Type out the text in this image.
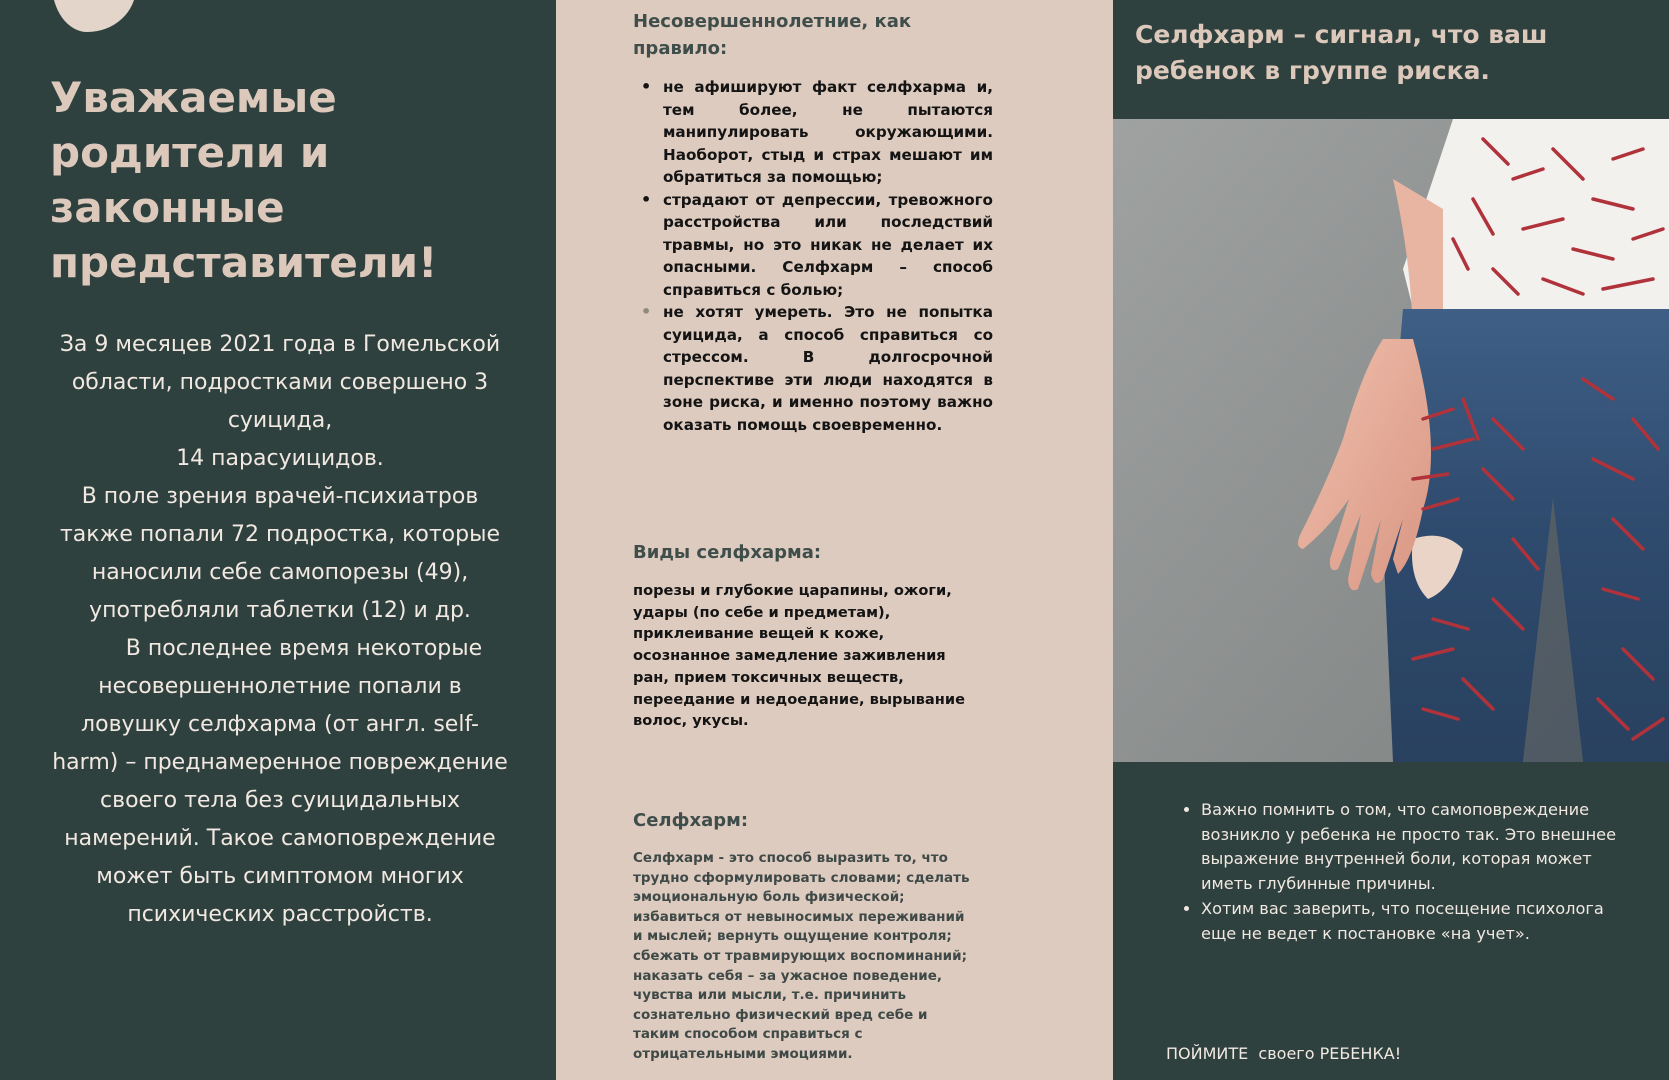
Уважаемые
родители и
законные
представители!

За 9 месяцев 2021 года в Гомельской области, подростками совершено 3 суицида,

14 парасуицидов.

В поле зрения врачей-психиатров также попали 72 подростка, которые наносили себе самопорезы (49), употребляли таблетки (12) и др.

В последнее время некоторые несовершеннолетние попали в ловушку селфхарма (от англ. self-harm) – преднамеренное повреждение своего тела без суицидальных намерений. Такое самоповреждение может быть симптомом многих психических расстройств.

Несовершеннолетние, как правило:
• не афишируют факт селфхарма и, тем более, не пытаются манипулировать окружающими. Наоборот, стыд и страх мешают им обратиться за помощью;
• страдают от депрессии, тревожного расстройства или последствий травмы, но это никак не делает их опасными. Селфхарм – способ справиться с болью;
• не хотят умереть. Это не попытка суицида, а способ справиться со стрессом. В долгосрочной перспективе эти люди находятся в зоне риска, и именно поэтому важно оказать помощь своевременно.
Виды селфхарма:

порезы и глубокие царапины, ожоги, удары (по себе и предметам), приклеивание вещей к коже, осознанное замедление заживления ран, прием токсичных веществ, переедание и недоедание, вырывание волос, укусы.

Селфхарм:

Селфхарм - это способ выразить то, что трудно сформулировать словами; сделать эмоциональную боль физической; избавиться от невыносимых переживаний и мыслей; вернуть ощущение контроля; сбежать от травмирующих воспоминаний; наказать себя – за ужасное поведение, чувства или мысли, т.е. причинить сознательно физический вред себе и таким способом справиться с отрицательными эмоциями.

Селфхарм – сигнал, что ваш ребенок в группе риска.
• Важно помнить о том, что самоповреждение возникло у ребенка не просто так. Это внешнее выражение внутренней боли, которая может иметь глубинные причины.
• Хотим вас заверить, что посещение психолога еще не ведет к постановке «на учет».

ПОЙМИТЕ  своего РЕБЕНКА!
